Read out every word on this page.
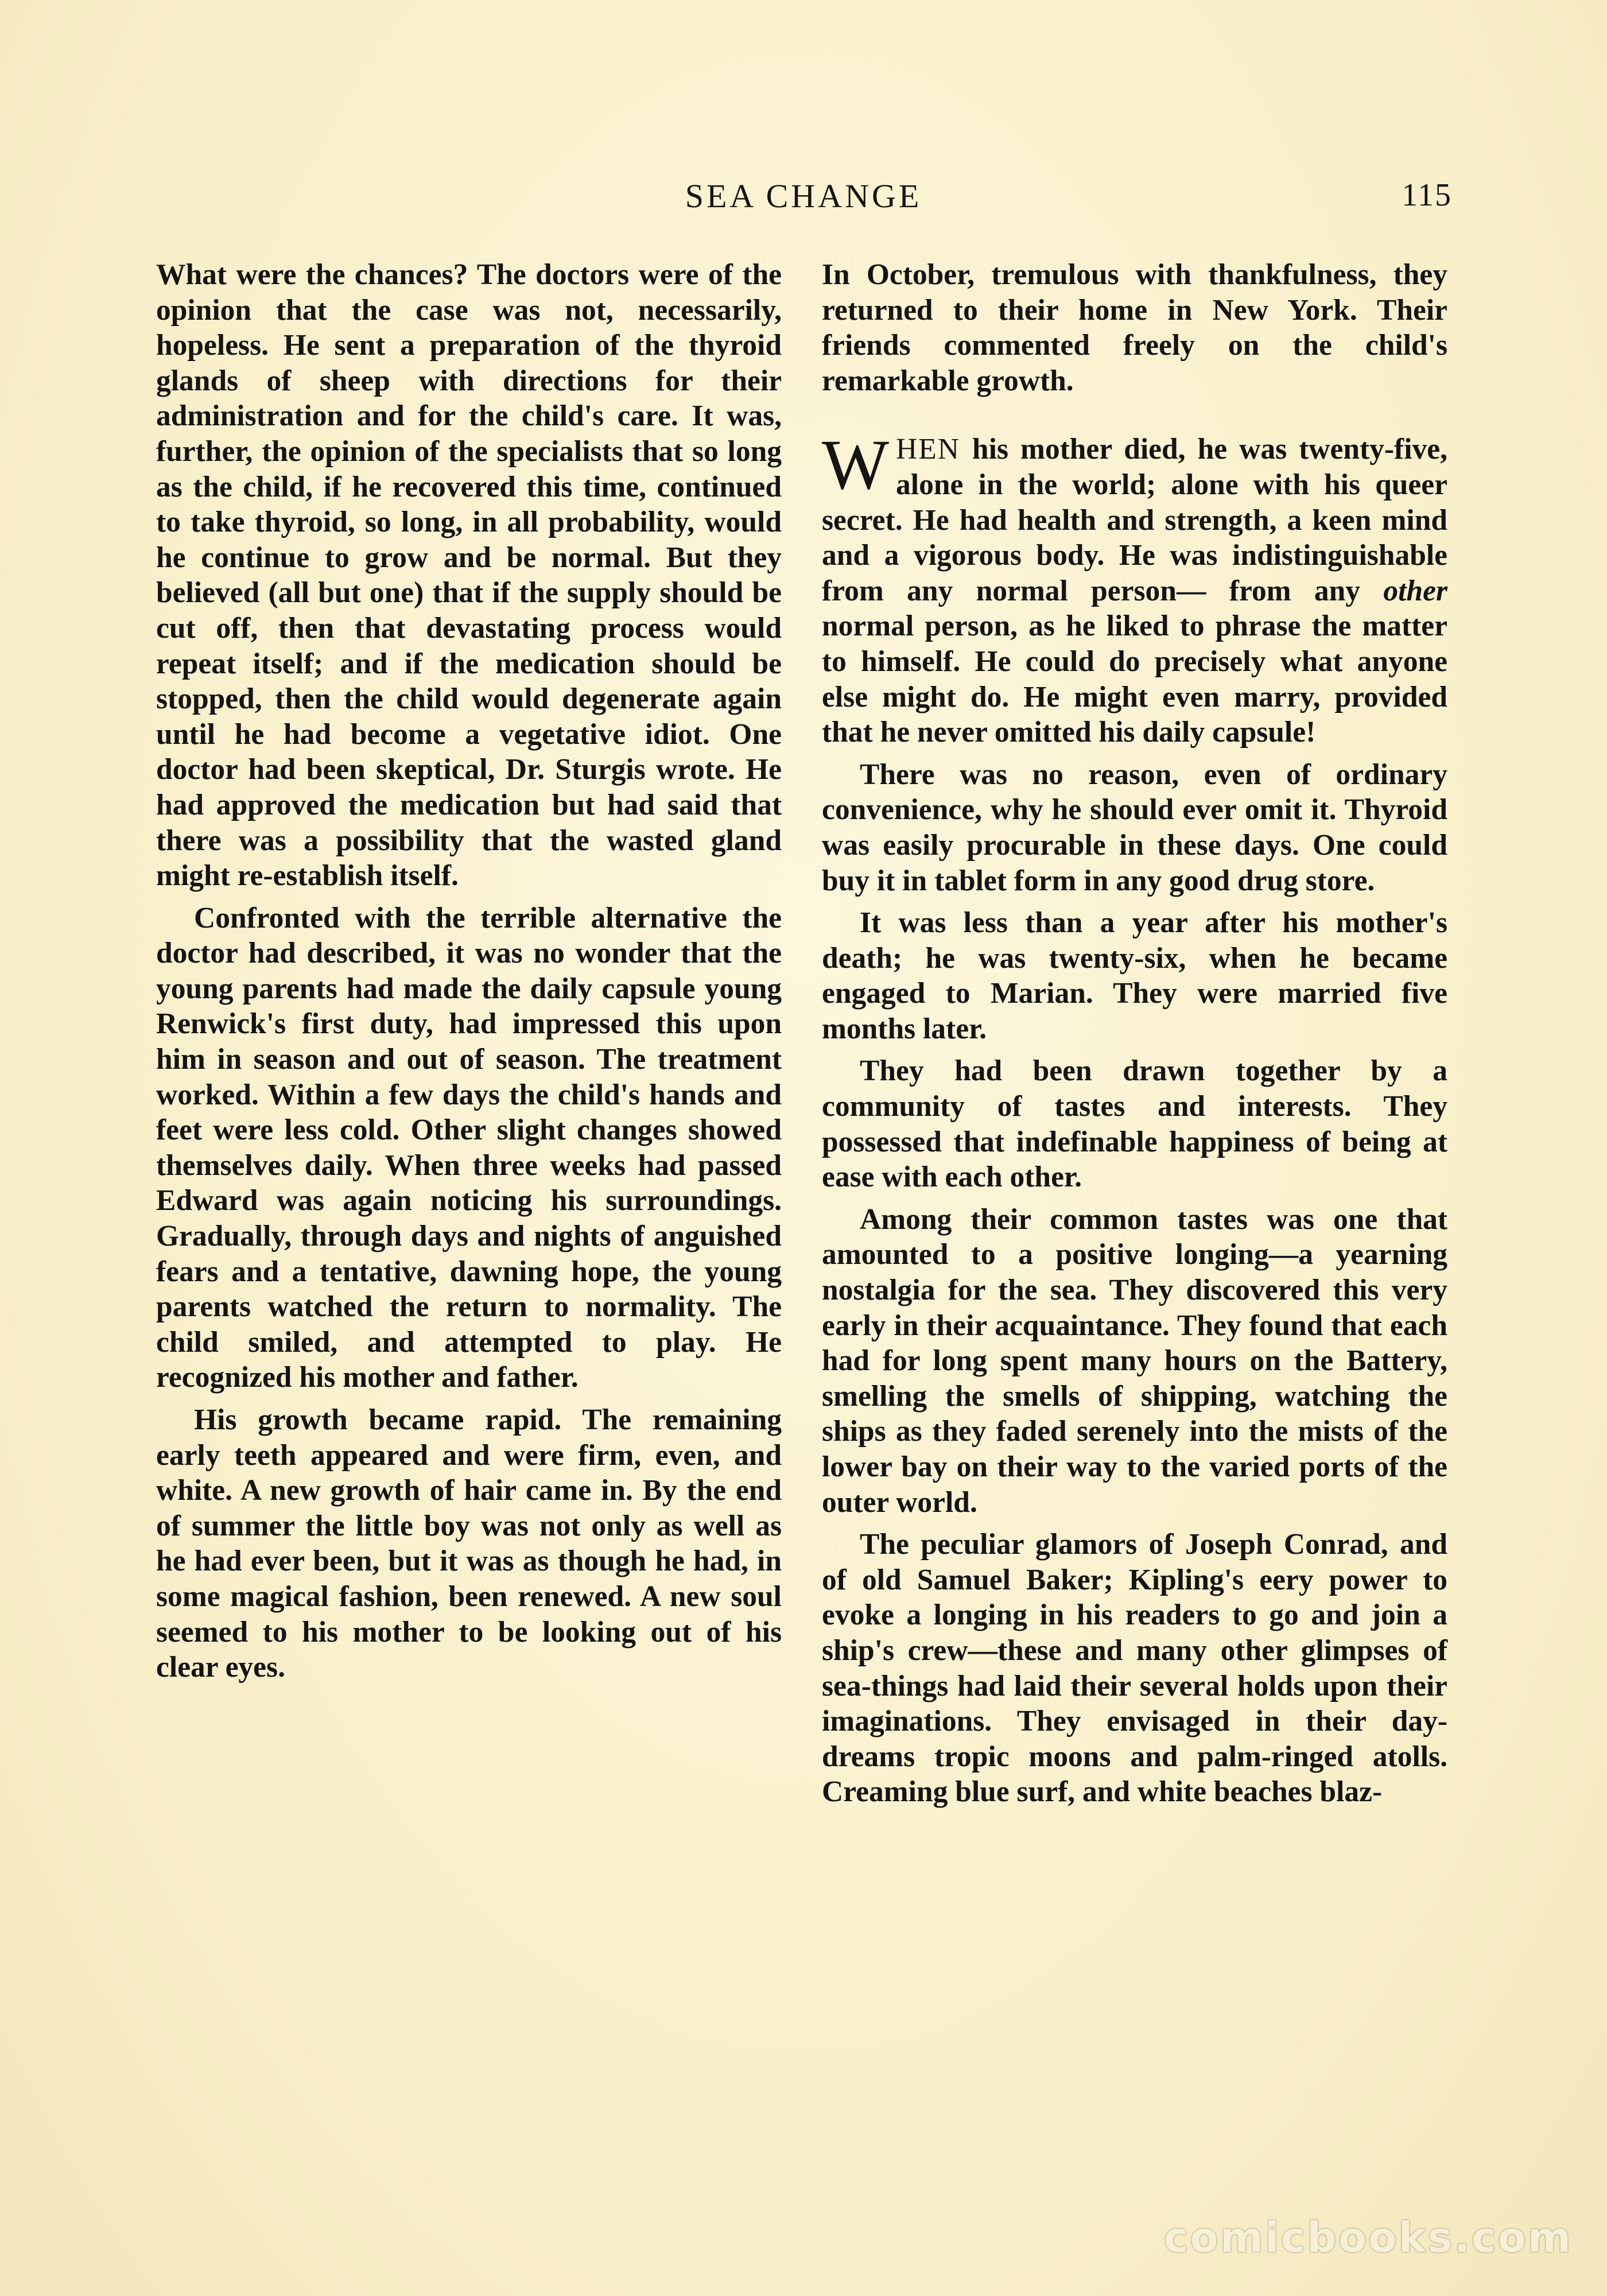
SEA CHANGE	115

What were the chances? The doctors were of the opinion that the case was not, necessarily, hopeless. He sent a preparation of the thyroid glands of sheep with directions for their administration and for the child's care. It was, further, the opinion of the specialists that so long as the child, if he recovered this time, continued to take thyroid, so long, in all probability, would he continue to grow and be normal. But they believed (all but one) that if the supply should be cut off, then that devastating process would repeat itself; and if the medication should be stopped, then the child would degenerate again until he had become a vegetative idiot. One doctor had been skeptical, Dr. Sturgis wrote. He had approved the medication but had said that there was a possibility that the wasted gland might re-establish itself.

Confronted with the terrible alternative the doctor had described, it was no wonder that the young parents had made the daily capsule young Renwick's first duty, had impressed this upon him in season and out of season. The treatment worked. Within a few days the child's hands and feet were less cold. Other slight changes showed themselves daily. When three weeks had passed Edward was again noticing his surroundings. Gradually, through days and nights of anguished fears and a tentative, dawning hope, the young parents watched the return to normality. The child smiled, and attempted to play. He recognized his mother and father.

His growth became rapid. The remaining early teeth appeared and were firm, even, and white. A new growth of hair came in. By the end of summer the little boy was not only as well as he had ever been, but it was as though he had, in some magical fashion, been renewed. A new soul seemed to his mother to be looking out of his clear eyes.

In October, tremulous with thankfulness, they returned to their home in New York. Their friends commented freely on the child's remarkable growth.

WHEN his mother died, he was twenty-five, alone in the world; alone with his queer secret. He had health and strength, a keen mind and a vigorous body. He was indistinguishable from any normal person— from any other normal person, as he liked to phrase the matter to himself. He could do precisely what anyone else might do. He might even marry, provided that he never omitted his daily capsule!

There was no reason, even of ordinary convenience, why he should ever omit it. Thyroid was easily procurable in these days. One could buy it in tablet form in any good drug store.

It was less than a year after his mother's death; he was twenty-six, when he became engaged to Marian. They were married five months later.

They had been drawn together by a community of tastes and interests. They possessed that indefinable happiness of being at ease with each other.

Among their common tastes was one that amounted to a positive longing—a yearning nostalgia for the sea. They discovered this very early in their acquaintance. They found that each had for long spent many hours on the Battery, smelling the smells of shipping, watching the ships as they faded serenely into the mists of the lower bay on their way to the varied ports of the outer world.

The peculiar glamors of Joseph Conrad, and of old Samuel Baker; Kipling's eery power to evoke a longing in his readers to go and join a ship's crew—these and many other glimpses of sea-things had laid their several holds upon their imaginations. They envisaged in their day-dreams tropic moons and palm-ringed atolls. Creaming blue surf, and white beaches blaz-

comicbooks.com
